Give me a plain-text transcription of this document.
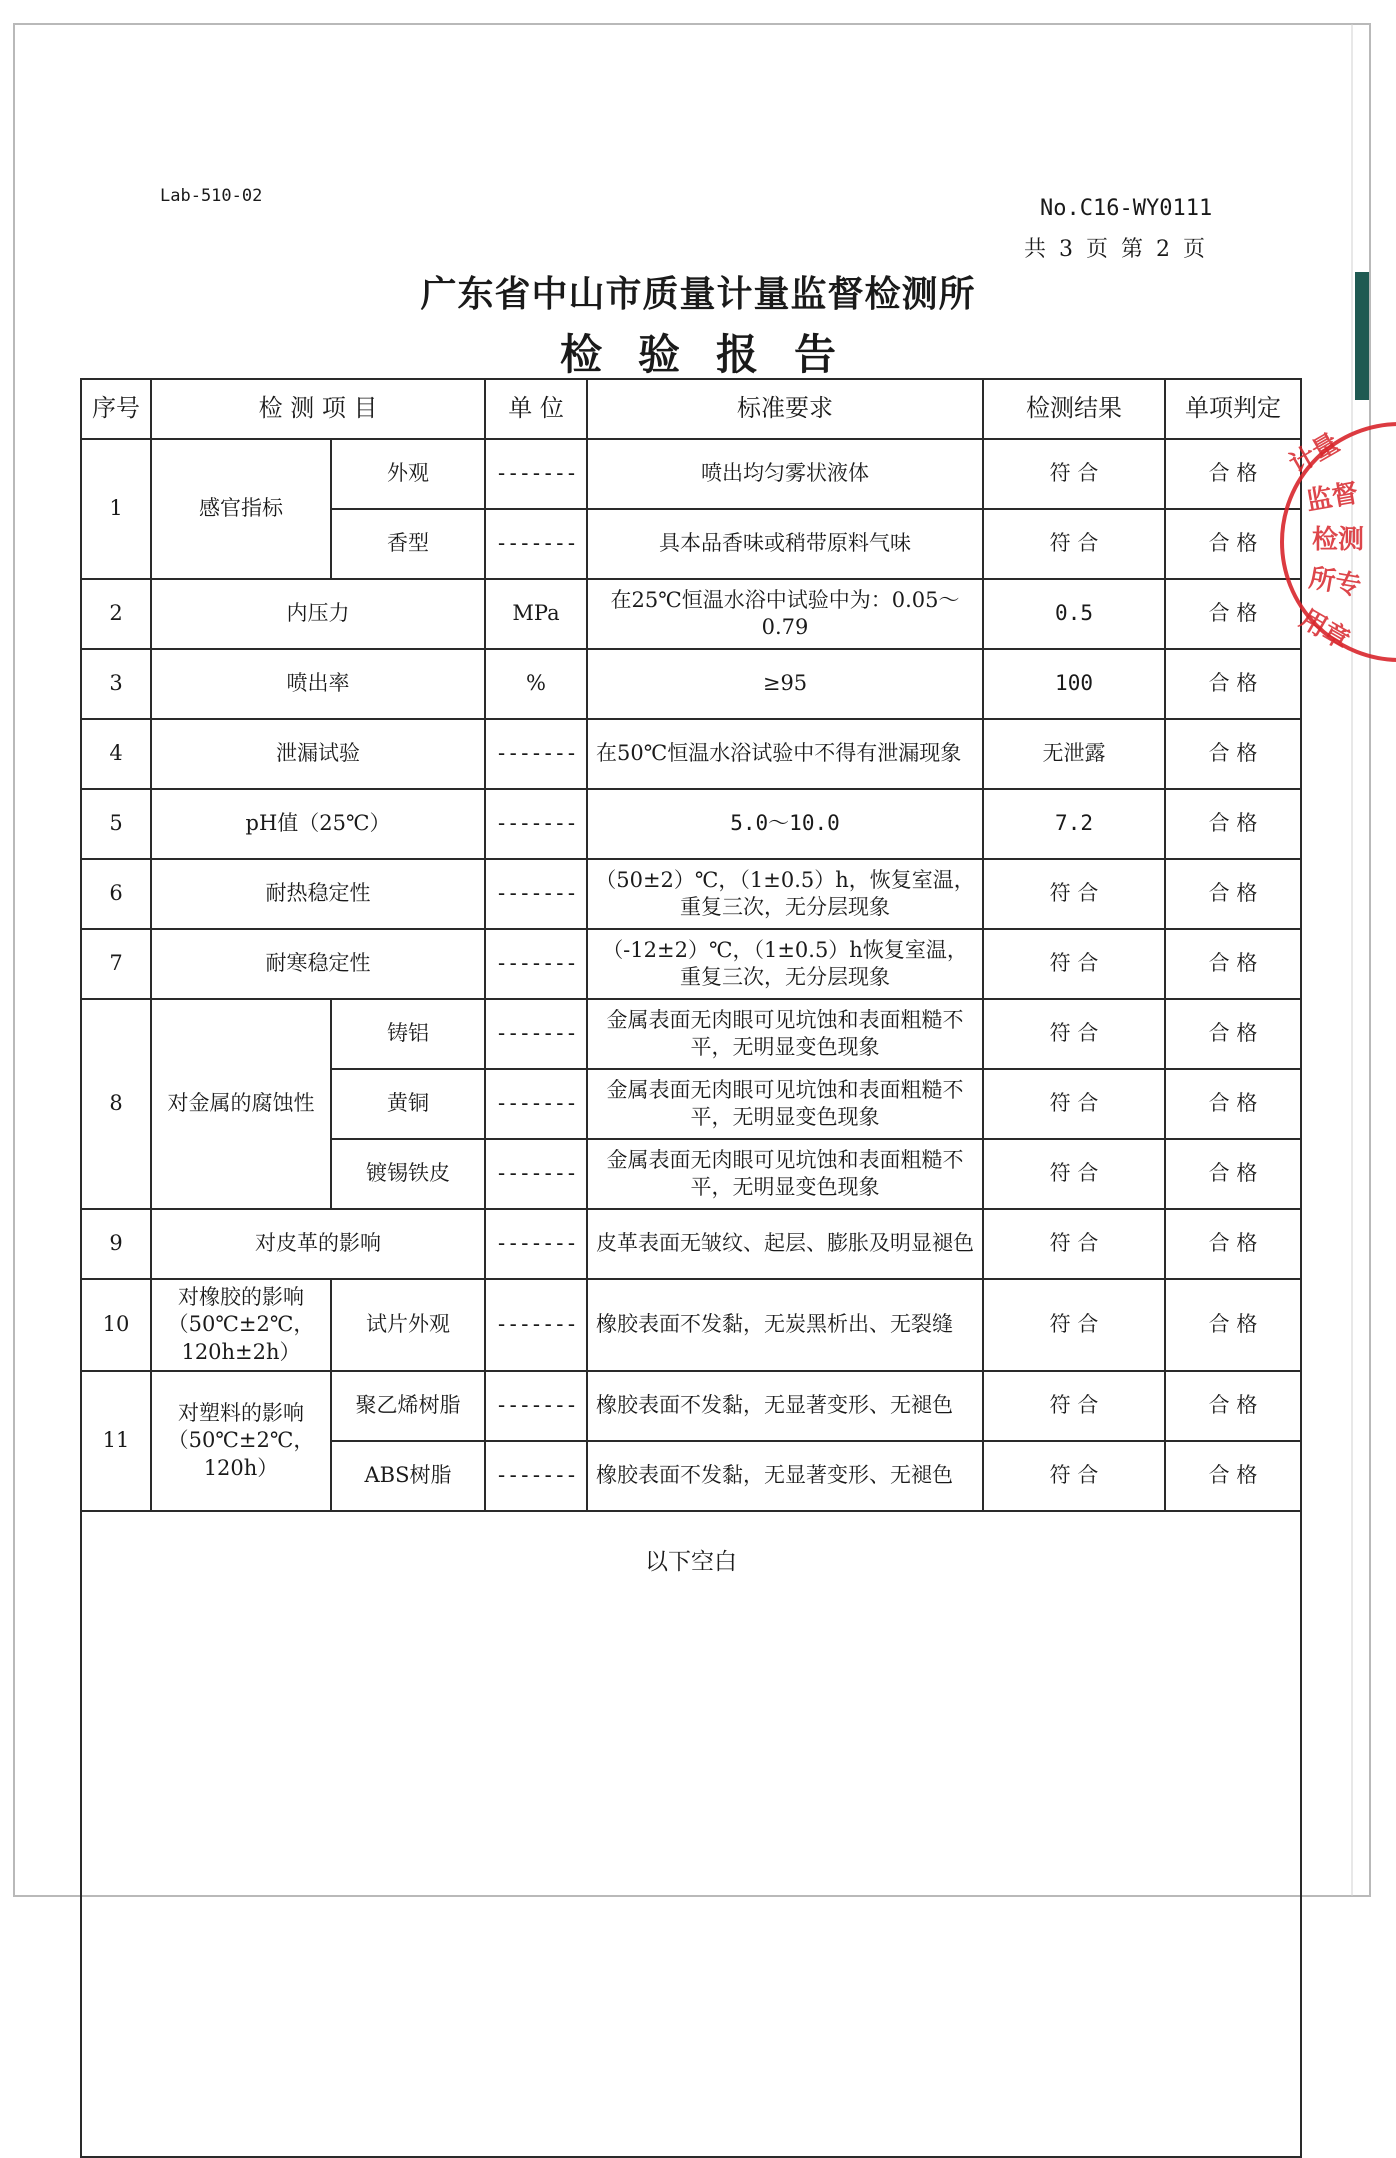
Lab-510-02	No.C16-WY0111
共 3 页 第 2 页
广东省中山市质量计量监督检测所
检验报告
序号	检 测 项 目		单 位	标准要求	检测结果	单项判定
1	感官指标	外观	-------	喷出均匀雾状液体	符 合	合 格
		香型	-------	具本品香味或稍带原料气味	符 合	合 格
2	内压力		MPa	在25℃恒温水浴中试验中为：0.05～0.79	0.5	合 格
3	喷出率		%	≥95	100	合 格
4	泄漏试验		-------	在50℃恒温水浴试验中不得有泄漏现象	无泄露	合 格
5	pH值（25℃）		-------	5.0～10.0	7.2	合 格
6	耐热稳定性		-------	（50±2）℃，（1±0.5）h，恢复室温，重复三次，无分层现象	符 合	合 格
7	耐寒稳定性		-------	（-12±2）℃，（1±0.5）h恢复室温，重复三次，无分层现象	符 合	合 格
8	对金属的腐蚀性	铸铝	-------	金属表面无肉眼可见坑蚀和表面粗糙不平，无明显变色现象	符 合	合 格
		黄铜	-------	金属表面无肉眼可见坑蚀和表面粗糙不平，无明显变色现象	符 合	合 格
		镀锡铁皮	-------	金属表面无肉眼可见坑蚀和表面粗糙不平，无明显变色现象	符 合	合 格
9	对皮革的影响		-------	皮革表面无皱纹、起层、膨胀及明显褪色	符 合	合 格
10	对橡胶的影响（50℃±2℃，120h±2h）	试片外观	-------	橡胶表面不发黏，无炭黑析出、无裂缝	符 合	合 格
11	对塑料的影响（50℃±2℃，120h）	聚乙烯树脂	-------	橡胶表面不发黏，无显著变形、无褪色	符 合	合 格
		ABS树脂	-------	橡胶表面不发黏，无显著变形、无褪色	符 合	合 格
以下空白						
计量
监督
检测
所专
用章
